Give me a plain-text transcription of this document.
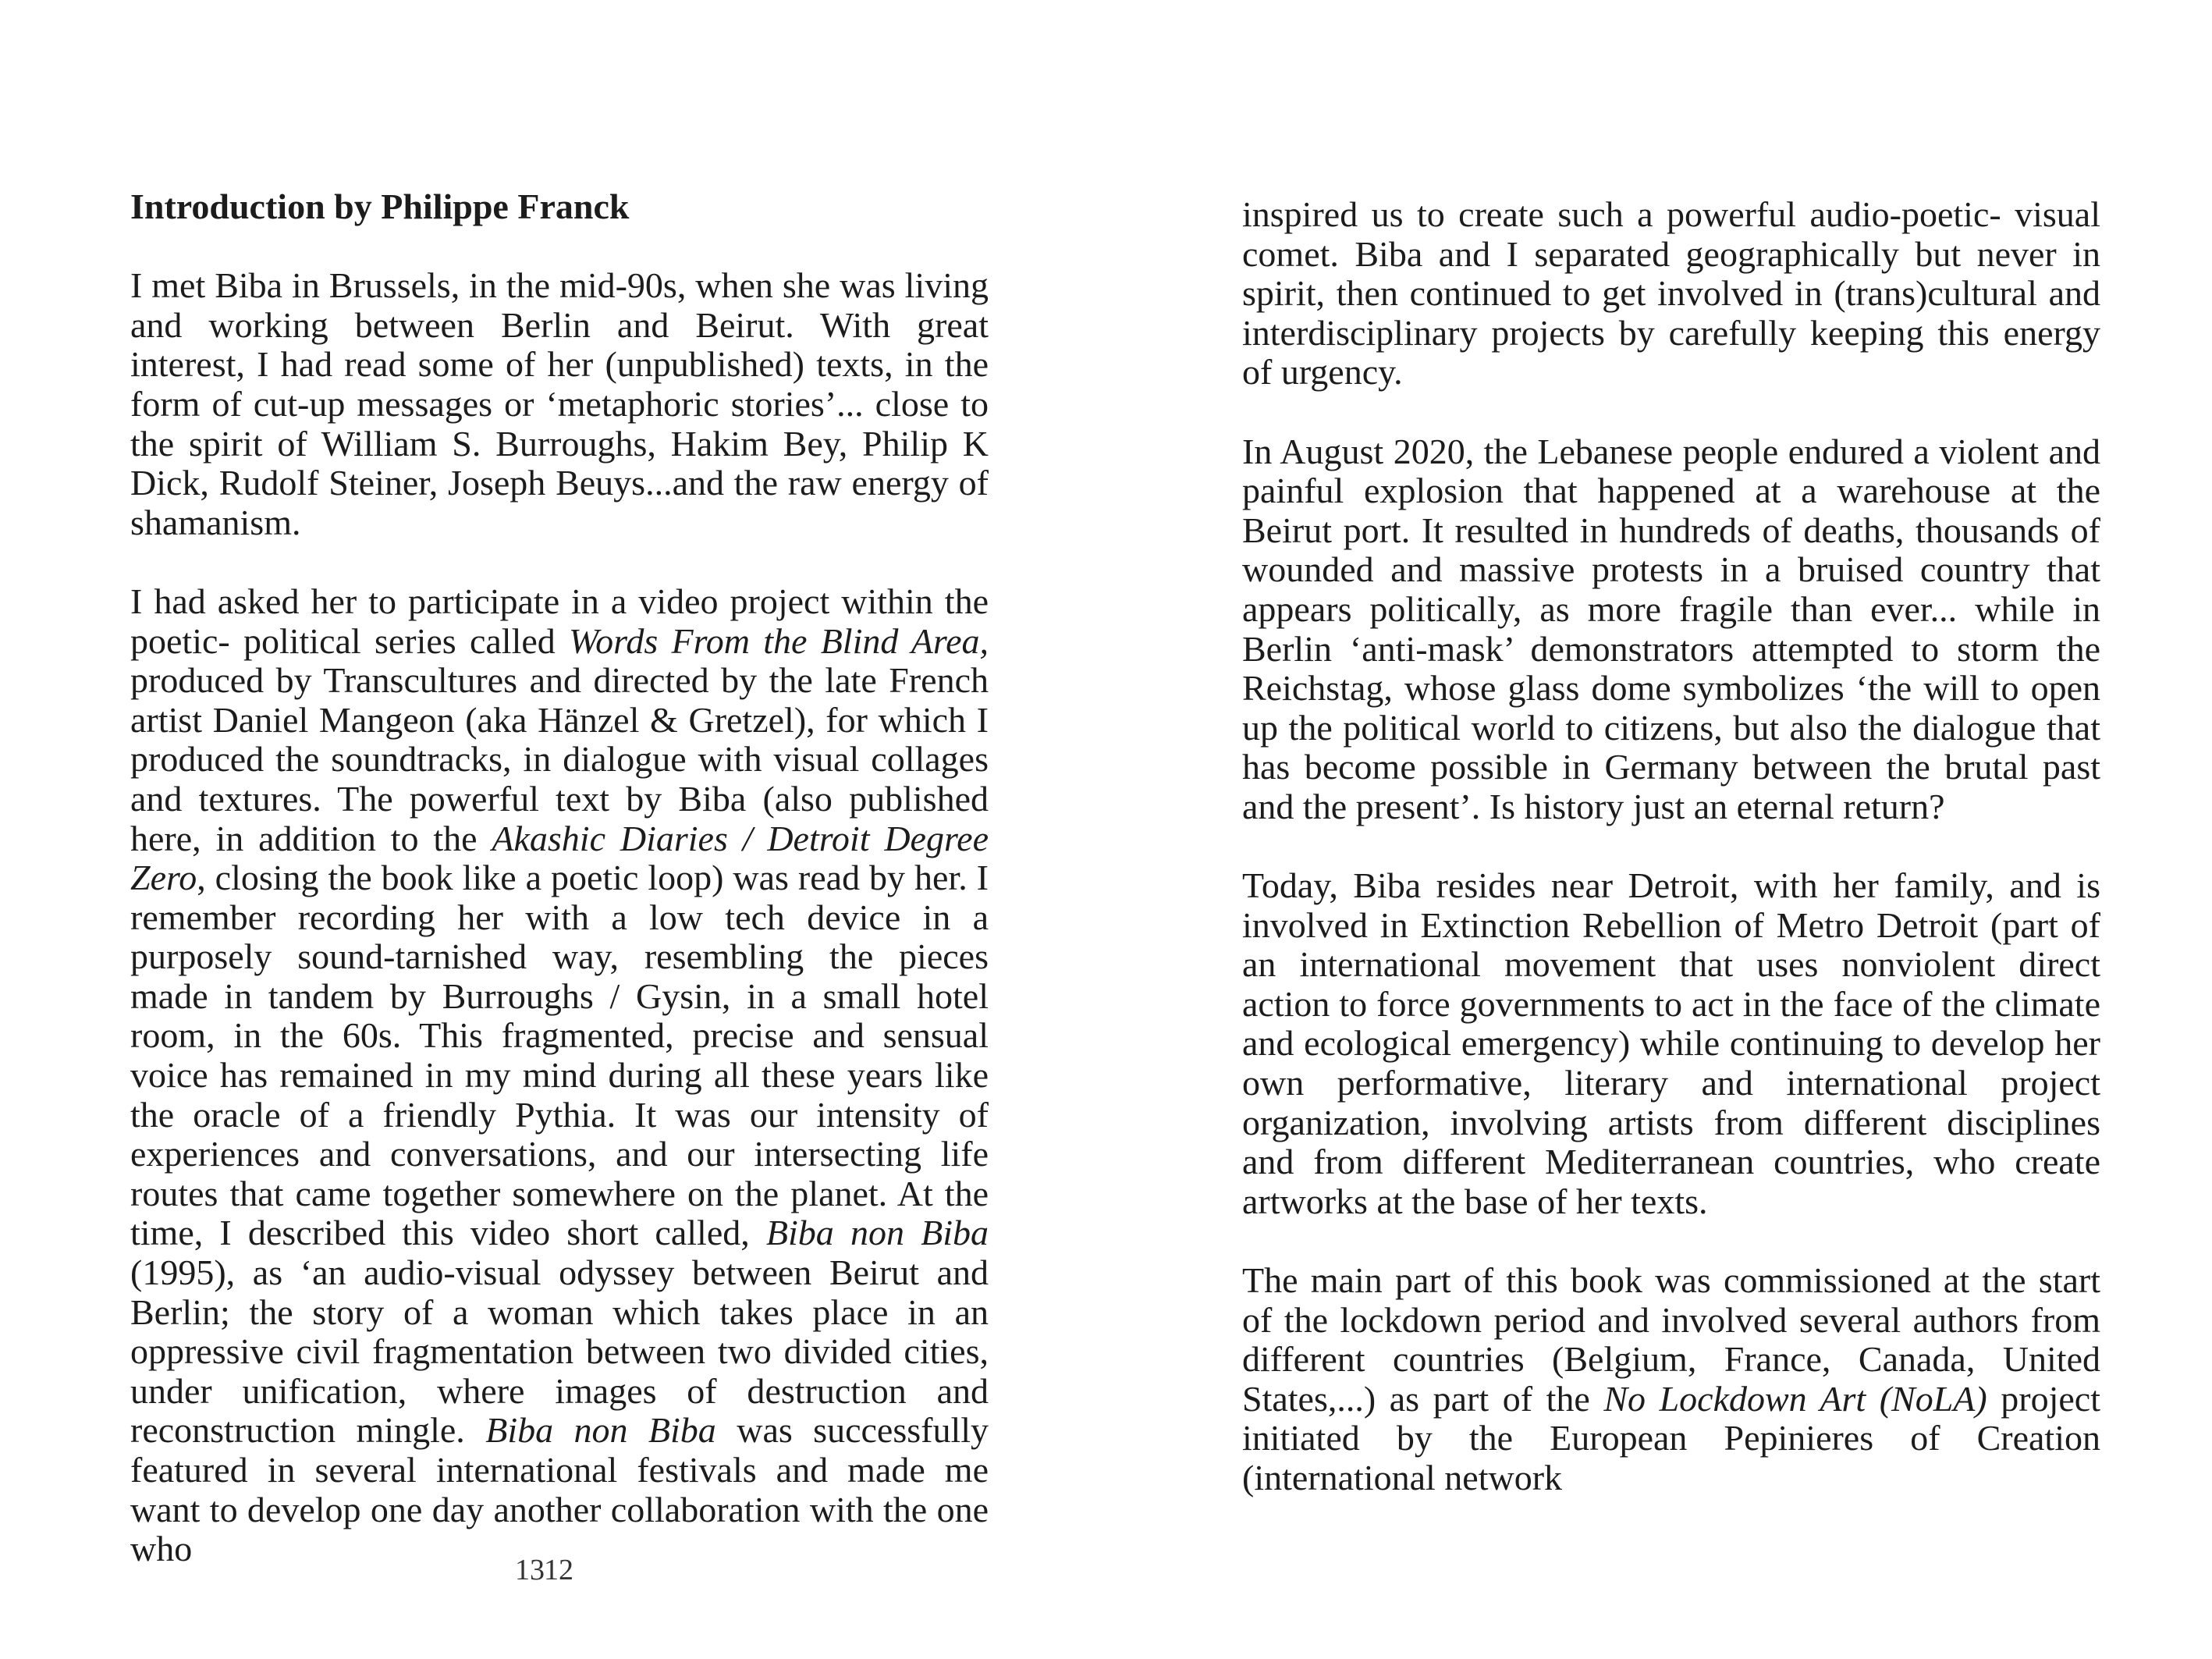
Introduction by Philippe Franck

I met Biba in Brussels, in the mid-90s, when she was living and working between Berlin and Beirut. With great interest, I had read some of her (unpublished) texts, in the form of cut-up messages or ‘metaphoric stories’... close to the spirit of William S. Burroughs, Hakim Bey, Philip K Dick, Rudolf Steiner, Joseph Beuys...and the raw energy of shamanism.

I had asked her to participate in a video project within the poetic- political series called Words From the Blind Area, produced by Transcultures and directed by the late French artist Daniel Mangeon (aka Hänzel & Gretzel), for which I produced the soundtracks, in dialogue with visual collages and textures. The powerful text by Biba (also published here, in addition to the Akashic Diaries / Detroit Degree Zero, closing the book like a poetic loop) was read by her. I remember recording her with a low tech device in a purposely sound-tarnished way, resembling the pieces made in tandem by Burroughs / Gysin, in a small hotel room, in the 60s. This fragmented, precise and sensual voice has remained in my mind during all these years like the oracle of a friendly Pythia. It was our intensity of experiences and conversations, and our intersecting life routes that came together somewhere on the planet. At the time, I described this video short called, Biba non Biba (1995), as ‘an audio-visual odyssey between Beirut and Berlin; the story of a woman which takes place in an oppressive civil fragmentation between two divided cities, under unification, where images of destruction and reconstruction mingle. Biba non Biba was successfully featured in several international festivals and made me want to develop one day another collaboration with the one who

12

inspired us to create such a powerful audio-poetic- visual comet. Biba and I separated geographically but never in spirit, then continued to get involved in (trans)cultural and interdisciplinary projects by carefully keeping this energy of urgency.

In August 2020, the Lebanese people endured a violent and painful explosion that happened at a warehouse at the Beirut port. It resulted in hundreds of deaths, thousands of wounded and massive protests in a bruised country that appears politically, as more fragile than ever... while in Berlin ‘anti-mask’ demonstrators attempted to storm the Reichstag, whose glass dome symbolizes ‘the will to open up the political world to citizens, but also the dialogue that has become possible in Germany between the brutal past and the present’. Is history just an eternal return?

Today, Biba resides near Detroit, with her family, and is involved in Extinction Rebellion of Metro Detroit (part of an international movement that uses nonviolent direct action to force governments to act in the face of the climate and ecological emergency) while continuing to develop her own performative, literary and international project organization, involving artists from different disciplines and from different Mediterranean countries, who create artworks at the base of her texts.

The main part of this book was commissioned at the start of the lockdown period and involved several authors from different countries (Belgium, France, Canada, United States,...) as part of the No Lockdown Art (NoLA) project initiated by the European Pepinieres of Creation (international network

13
